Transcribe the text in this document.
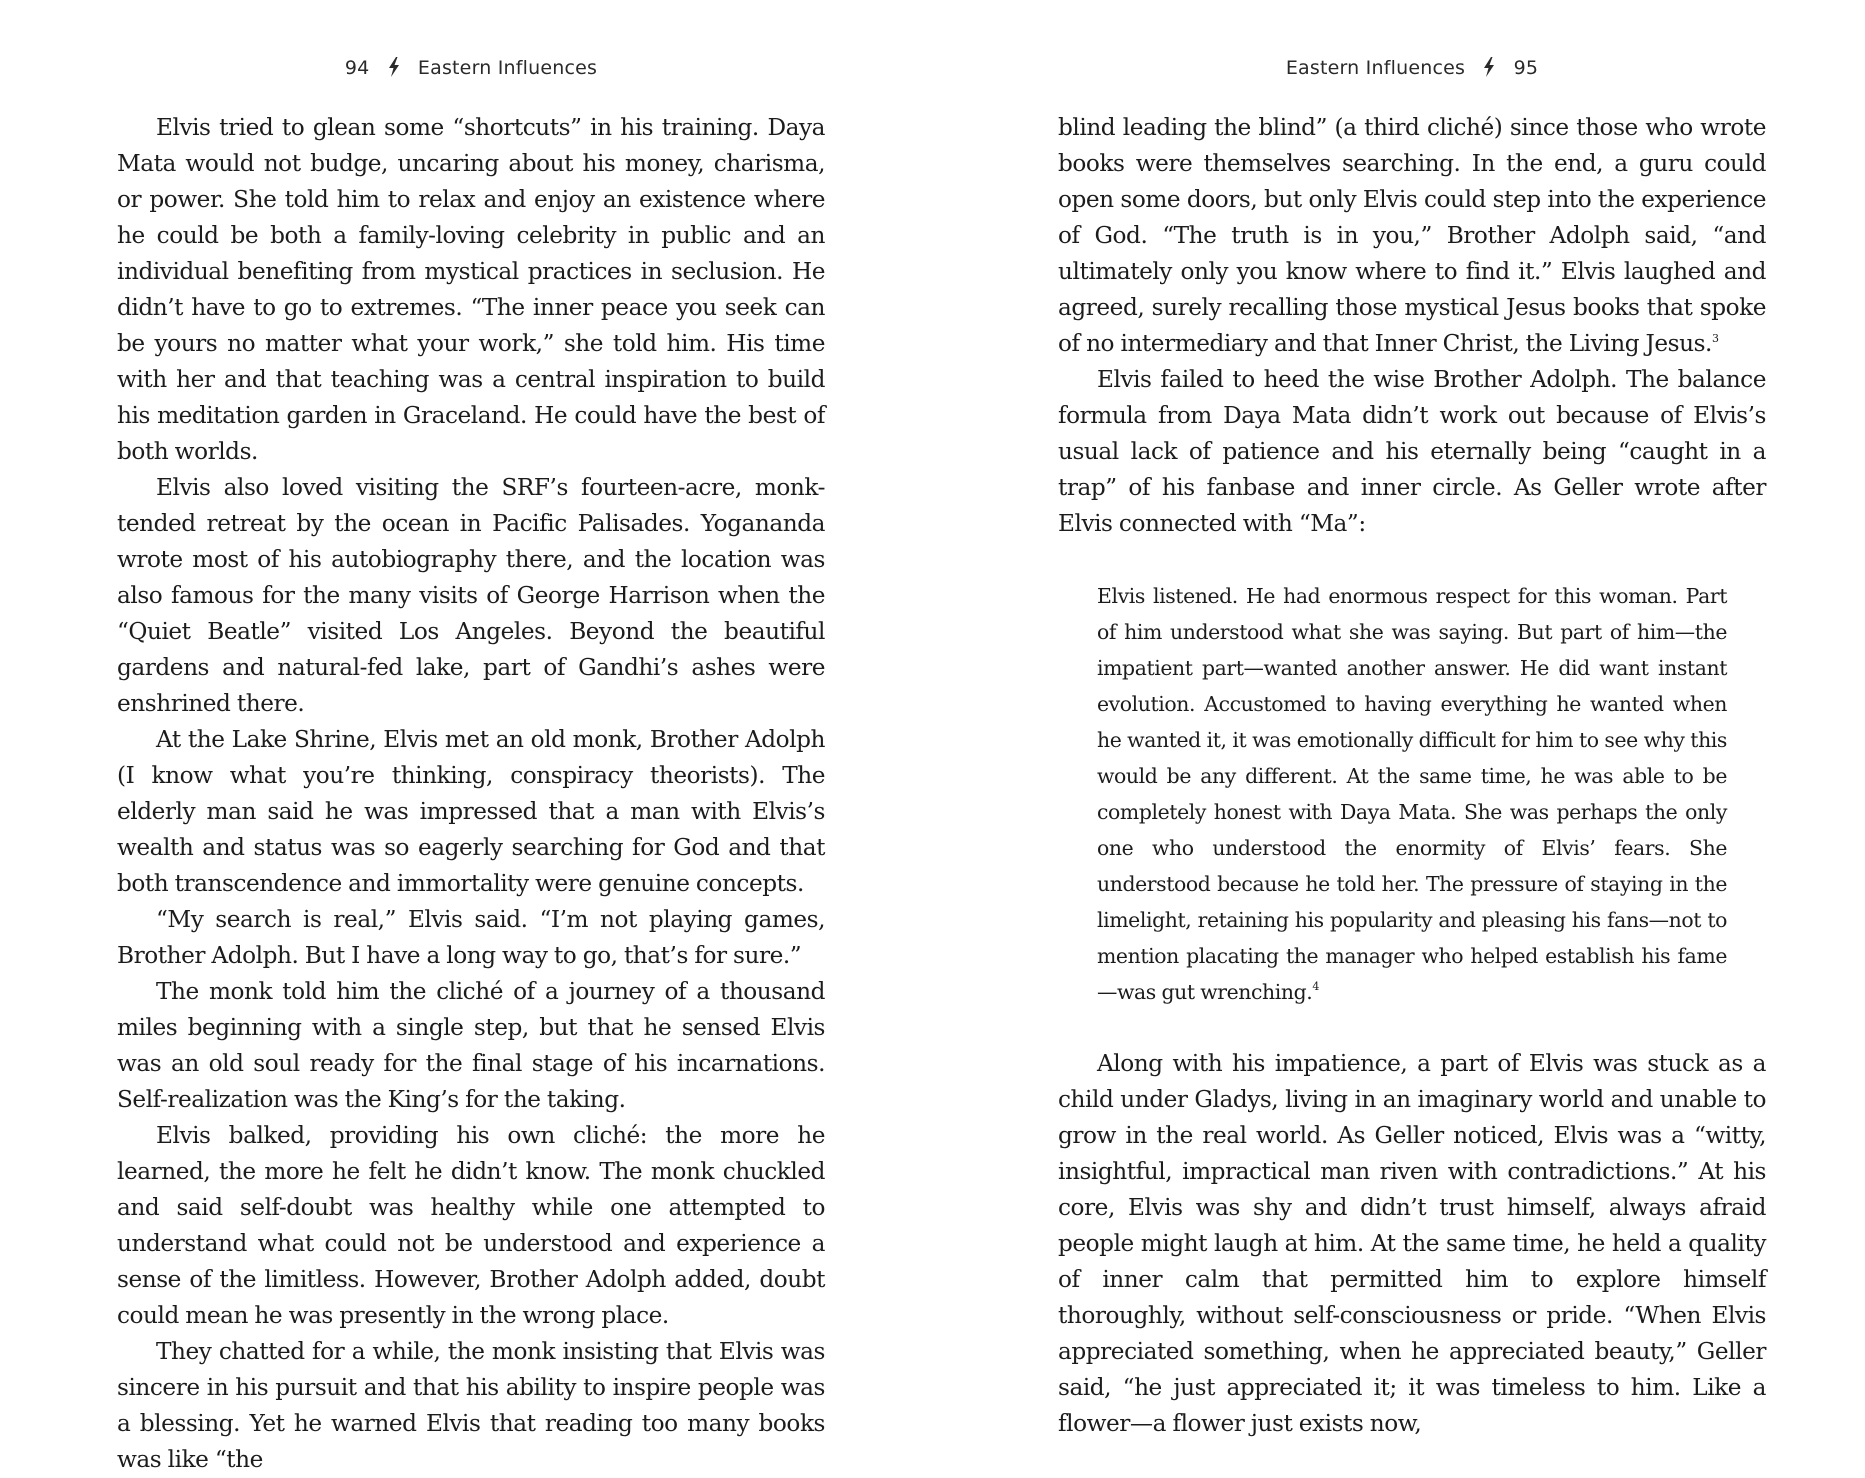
94	Eastern Influences

Elvis tried to glean some “shortcuts” in his training. Daya Mata would not budge, uncaring about his money, charisma, or power. She told him to relax and enjoy an existence where he could be both a family-loving celebrity in public and an individual benefiting from mystical practices in seclusion. He didn’t have to go to extremes. “The inner peace you seek can be yours no matter what your work,” she told him. His time with her and that teaching was a central inspiration to build his meditation garden in Graceland. He could have the best of both worlds.

Elvis also loved visiting the SRF’s fourteen-acre, monk-tended retreat by the ocean in Pacific Palisades. Yogananda wrote most of his autobiography there, and the location was also famous for the many visits of George Harrison when the “Quiet Beatle” visited Los Angeles. Beyond the beautiful gardens and natural-fed lake, part of Gandhi’s ashes were enshrined there.

At the Lake Shrine, Elvis met an old monk, Brother Adolph (I know what you’re thinking, conspiracy theorists). The elderly man said he was impressed that a man with Elvis’s wealth and status was so eagerly searching for God and that both transcendence and immortality were genuine concepts.

“My search is real,” Elvis said. “I’m not playing games, Brother Adolph. But I have a long way to go, that’s for sure.”

The monk told him the cliché of a journey of a thousand miles beginning with a single step, but that he sensed Elvis was an old soul ready for the final stage of his incarnations. Self-realization was the King’s for the taking.

Elvis balked, providing his own cliché: the more he learned, the more he felt he didn’t know. The monk chuckled and said self-doubt was healthy while one attempted to understand what could not be understood and experience a sense of the limitless. However, Brother Adolph added, doubt could mean he was presently in the wrong place.

They chatted for a while, the monk insisting that Elvis was sincere in his pursuit and that his ability to inspire people was a blessing. Yet he warned Elvis that reading too many books was like “the

Eastern Influences	95

blind leading the blind” (a third cliché) since those who wrote books were themselves searching. In the end, a guru could open some doors, but only Elvis could step into the experience of God. “The truth is in you,” Brother Adolph said, “and ultimately only you know where to find it.” Elvis laughed and agreed, surely recalling those mystical Jesus books that spoke of no intermediary and that Inner Christ, the Living Jesus.$^3$

Elvis failed to heed the wise Brother Adolph. The balance formula from Daya Mata didn’t work out because of Elvis’s usual lack of patience and his eternally being “caught in a trap” of his fanbase and inner circle. As Geller wrote after Elvis connected with “Ma”:

Elvis listened. He had enormous respect for this woman. Part of him understood what she was saying. But part of him—the impatient part—wanted another answer. He did want instant evolution. Accustomed to having everything he wanted when he wanted it, it was emotionally difficult for him to see why this would be any different. At the same time, he was able to be completely honest with Daya Mata. She was perhaps the only one who understood the enormity of Elvis’ fears. She understood because he told her. The pressure of staying in the limelight, retaining his popularity and pleasing his fans—not to mention placating the manager who helped establish his fame—was gut wrenching.$^4$

Along with his impatience, a part of Elvis was stuck as a child under Gladys, living in an imaginary world and unable to grow in the real world. As Geller noticed, Elvis was a “witty, insightful, impractical man riven with contradictions.” At his core, Elvis was shy and didn’t trust himself, always afraid people might laugh at him. At the same time, he held a quality of inner calm that permitted him to explore himself thoroughly, without self-consciousness or pride. “When Elvis appreciated something, when he appreciated beauty,” Geller said, “he just appreciated it; it was timeless to him. Like a flower—a flower just exists now,
